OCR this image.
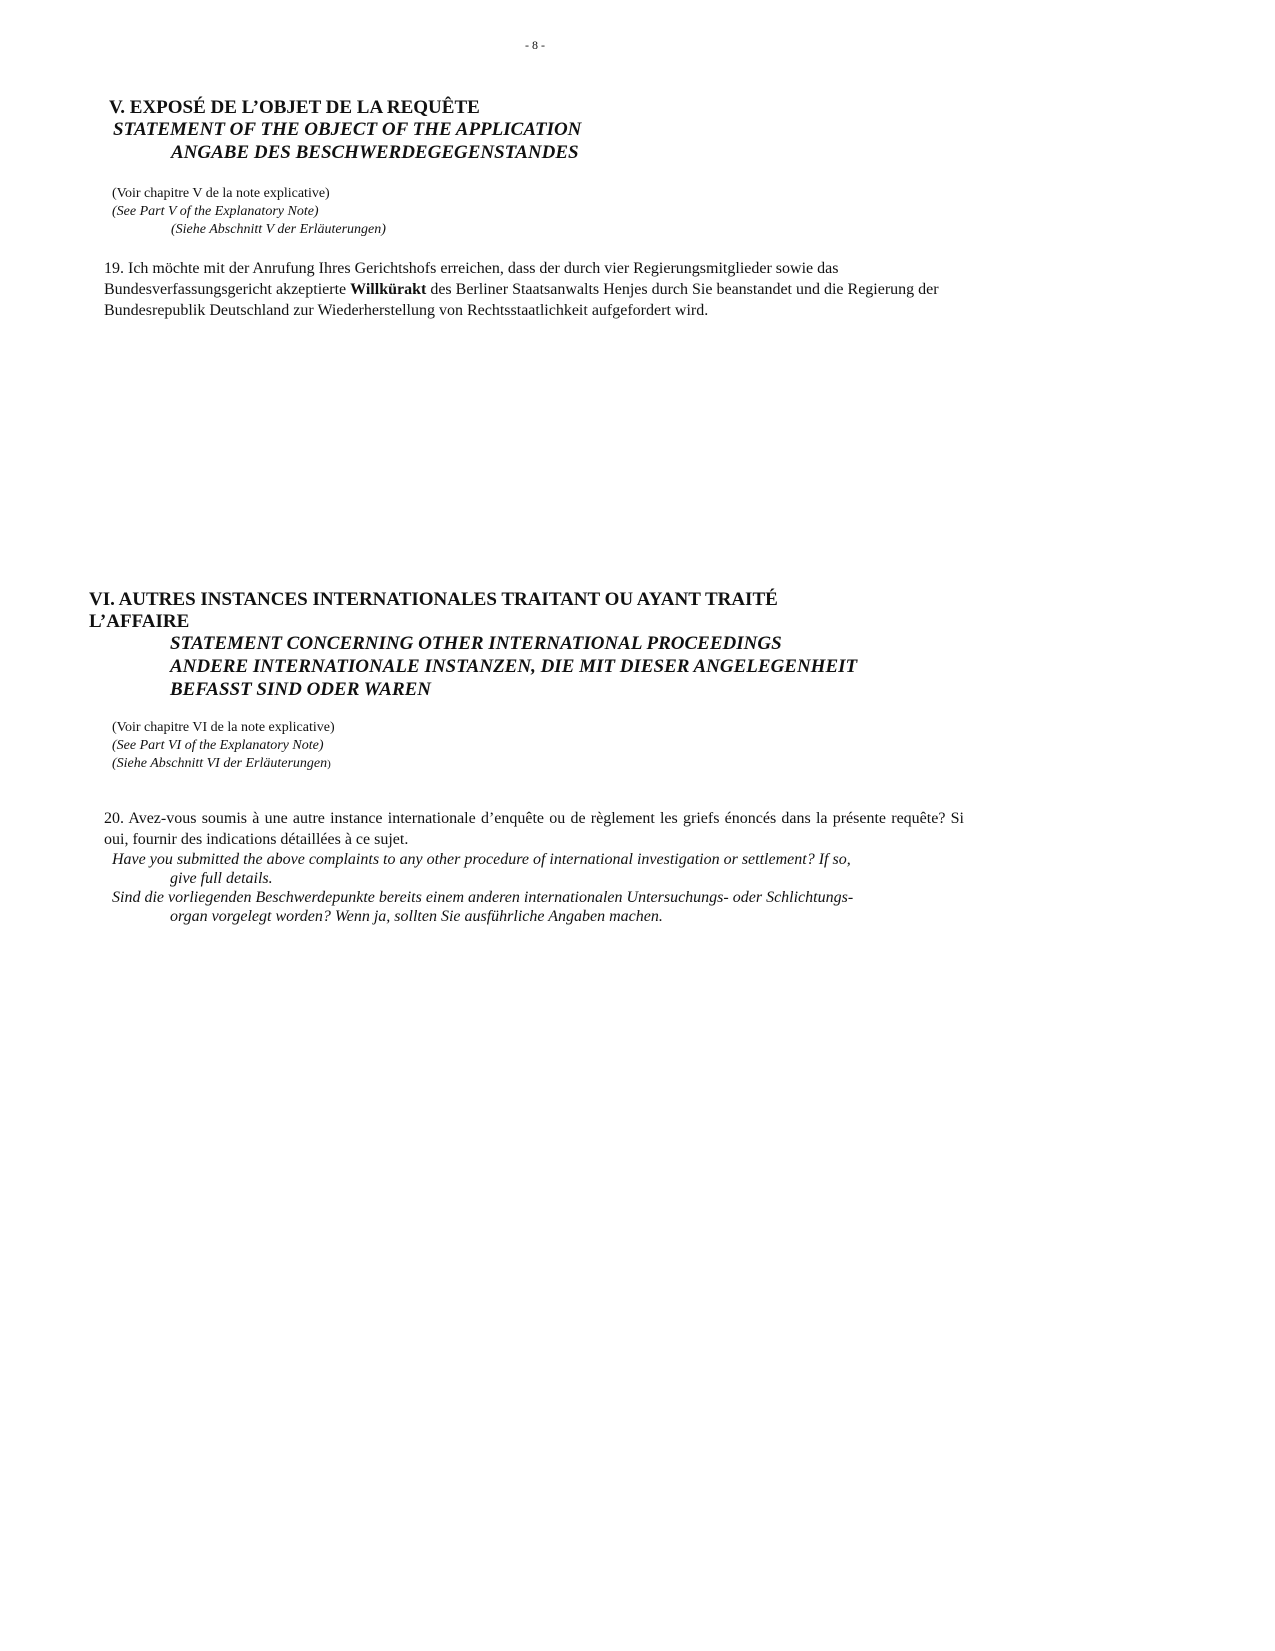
- 8 -
V. EXPOSÉ DE L’OBJET DE LA REQUÊTE
STATEMENT OF THE OBJECT OF THE APPLICATION
ANGABE DES BESCHWERDEGEGENSTANDES
(Voir chapitre V de la note explicative)
(See Part V of the Explanatory Note)
(Siehe Abschnitt V der Erläuterungen)
19. Ich möchte mit der Anrufung Ihres Gerichtshofs erreichen, dass der durch vier Regierungsmitglieder sowie das Bundesverfassungsgericht akzeptierte Willkürakt des Berliner Staatsanwalts Henjes durch Sie beanstandet und die Regierung der Bundesrepublik Deutschland zur Wiederherstellung von Rechtsstaatlichkeit aufgefordert wird.
VI. AUTRES INSTANCES INTERNATIONALES TRAITANT OU AYANT TRAITÉ
L’AFFAIRE
STATEMENT CONCERNING OTHER INTERNATIONAL PROCEEDINGS
ANDERE INTERNATIONALE INSTANZEN, DIE MIT DIESER ANGELEGENHEIT
BEFASST SIND ODER WAREN
(Voir chapitre VI de la note explicative)
(See Part VI of the Explanatory Note)
(Siehe Abschnitt VI der Erläuterungen)
20. Avez-vous soumis à une autre instance internationale d’enquête ou de règlement les griefs énoncés dans la présente requête? Si oui, fournir des indications détaillées à ce sujet.
Have you submitted the above complaints to any other procedure of international investigation or settlement? If so,
give full details.
Sind die vorliegenden Beschwerdepunkte bereits einem anderen internationalen Untersuchungs- oder Schlichtungs-
organ vorgelegt worden? Wenn ja, sollten Sie ausführliche Angaben machen.
